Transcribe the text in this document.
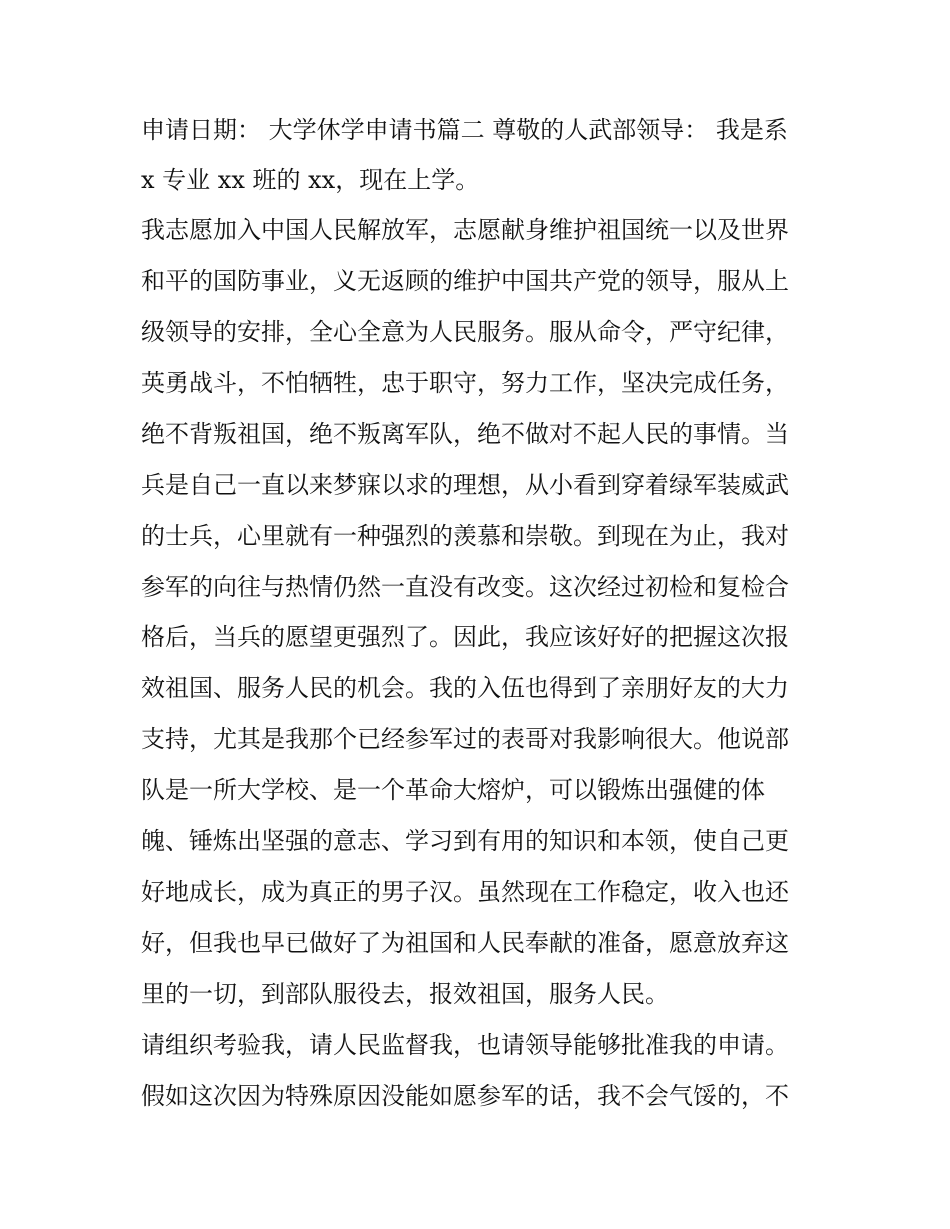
申请日期： 大学休学申请书篇二 尊敬的人武部领导： 我是系
x 专业 xx 班的 xx，现在上学。
我志愿加入中国人民解放军，志愿献身维护祖国统一以及世界
和平的国防事业，义无返顾的维护中国共产党的领导，服从上
级领导的安排，全心全意为人民服务。服从命令，严守纪律，
英勇战斗，不怕牺牲，忠于职守，努力工作，坚决完成任务，
绝不背叛祖国，绝不叛离军队，绝不做对不起人民的事情。当
兵是自己一直以来梦寐以求的理想，从小看到穿着绿军装威武
的士兵，心里就有一种强烈的羡慕和崇敬。到现在为止，我对
参军的向往与热情仍然一直没有改变。这次经过初检和复检合
格后，当兵的愿望更强烈了。因此，我应该好好的把握这次报
效祖国、服务人民的机会。我的入伍也得到了亲朋好友的大力
支持，尤其是我那个已经参军过的表哥对我影响很大。他说部
队是一所大学校、是一个革命大熔炉，可以锻炼出强健的体
魄、锤炼出坚强的意志、学习到有用的知识和本领，使自己更
好地成长，成为真正的男子汉。虽然现在工作稳定，收入也还
好，但我也早已做好了为祖国和人民奉献的准备，愿意放弃这
里的一切，到部队服役去，报效祖国，服务人民。
请组织考验我，请人民监督我，也请领导能够批准我的申请。
假如这次因为特殊原因没能如愿参军的话，我不会气馁的，不
